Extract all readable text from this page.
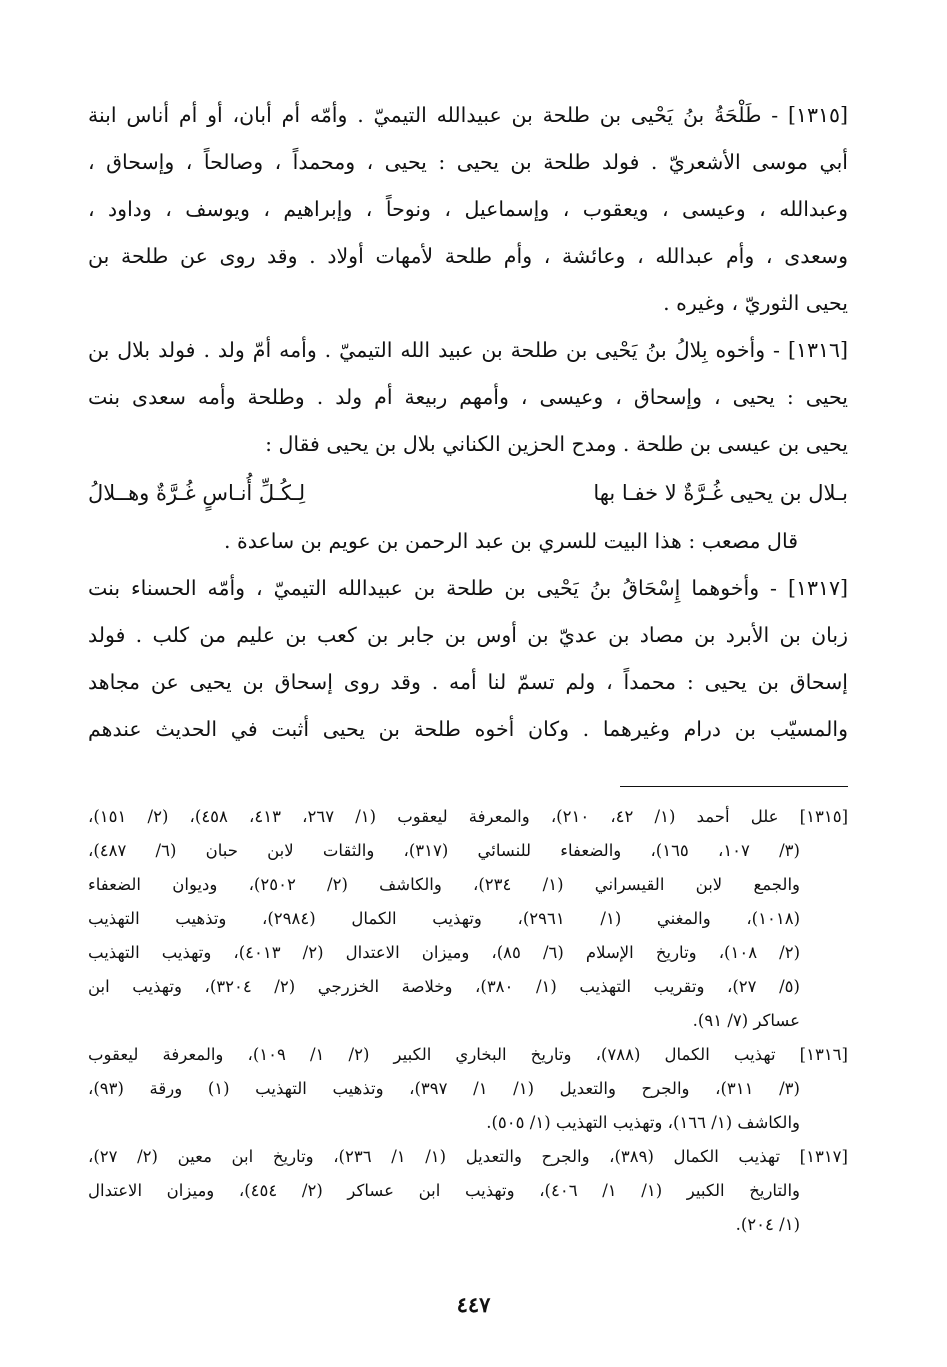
[١٣١٥] - طَلْحَةُ بنُ يَحْيى بن طلحة بن عبيدالله التيميّ . وأمّه أم أبان، أو أم أناس ابنة
أبي موسى الأشعريّ . فولد طلحة بن يحيى : يحيى ، ومحمداً ، وصالحاً ، وإسحاق ،
وعبدالله ، وعيسى ، ويعقوب ، وإسماعيل ، ونوحاً ، وإبراهيم ، ويوسف ، وداود ،
وسعدى ، وأم عبدالله ، وعائشة ، وأم طلحة لأمهات أولاد . وقد روى عن طلحة بن
يحيى الثوريّ ، وغيره .
[١٣١٦] - وأخوه بِلالُ بنُ يَحْيى بن طلحة بن عبيد الله التيميّ . وأمه أمّ ولد . فولد بلال بن
يحيى : يحيى ، وإسحاق ، وعيسى ، وأمهم ربيعة أم ولد . وطلحة وأمه سعدى بنت
يحيى بن عيسى بن طلحة . ومدح الحزين الكناني بلال بن يحيى فقال :
بـلال بن يحيى غُـرَّةٌ لا خفـا بها
لِـكُـلِّ أُنـاسٍ غُـرَّةٌ وهــلالُ
قال مصعب : هذا البيت للسري بن عبد الرحمن بن عويم بن ساعدة .
[١٣١٧] - وأخوهما إِسْحَاقُ بنُ يَحْيى بن طلحة بن عبيدالله التيميّ ، وأمّه الحسناء بنت
زبان بن الأبرد بن مصاد بن عديّ بن أوس بن جابر بن كعب بن عليم من كلب . فولد
إسحاق بن يحيى : محمداً ، ولم تسمّ لنا أمه . وقد روى إسحاق بن يحيى عن مجاهد
والمسيّب بن درام وغيرهما . وكان أخوه طلحة بن يحيى أثبت في الحديث عندهم
[١٣١٥] علل أحمد (١/ ٤٢، ٢١٠)، والمعرفة ليعقوب (١/ ٢٦٧، ٤١٣، ٤٥٨)، (٢/ ١٥١)،
(٣/ ١٠٧، ١٦٥)، والضعفاء للنسائي (٣١٧)، والثقات لابن حبان (٦/ ٤٨٧)،
والجمع لابن القيسراني (١/ ٢٣٤)، والكاشف (٢/ ٢٥٠٢)، وديوان الضعفاء
(١٠١٨)، والمغني (١/ ٢٩٦١)، وتهذيب الكمال (٢٩٨٤)، وتذهيب التهذيب
(٢/ ١٠٨)، وتاريخ الإسلام (٦/ ٨٥)، وميزان الاعتدال (٢/ ٤٠١٣)، وتهذيب التهذيب
(٥/ ٢٧)، وتقريب التهذيب (١/ ٣٨٠)، وخلاصة الخزرجي (٢/ ٣٢٠٤)، وتهذيب ابن
عساكر (٧/ ٩١).
[١٣١٦] تهذيب الكمال (٧٨٨)، وتاريخ البخاري الكبير (٢/ ١/ ١٠٩)، والمعرفة ليعقوب
(٣/ ٣١١)، والجرح والتعديل (١/ ١/ ٣٩٧)، وتذهيب التهذيب (١) ورقة (٩٣)،
والكاشف (١/ ١٦٦)، وتهذيب التهذيب (١/ ٥٠٥).
[١٣١٧] تهذيب الكمال (٣٨٩)، والجرح والتعديل (١/ ١/ ٢٣٦)، وتاريخ ابن معين (٢/ ٢٧)،
والتاريخ الكبير (١/ ١/ ٤٠٦)، وتهذيب ابن عساكر (٢/ ٤٥٤)، وميزان الاعتدال
(١/ ٢٠٤).
٤٤٧
